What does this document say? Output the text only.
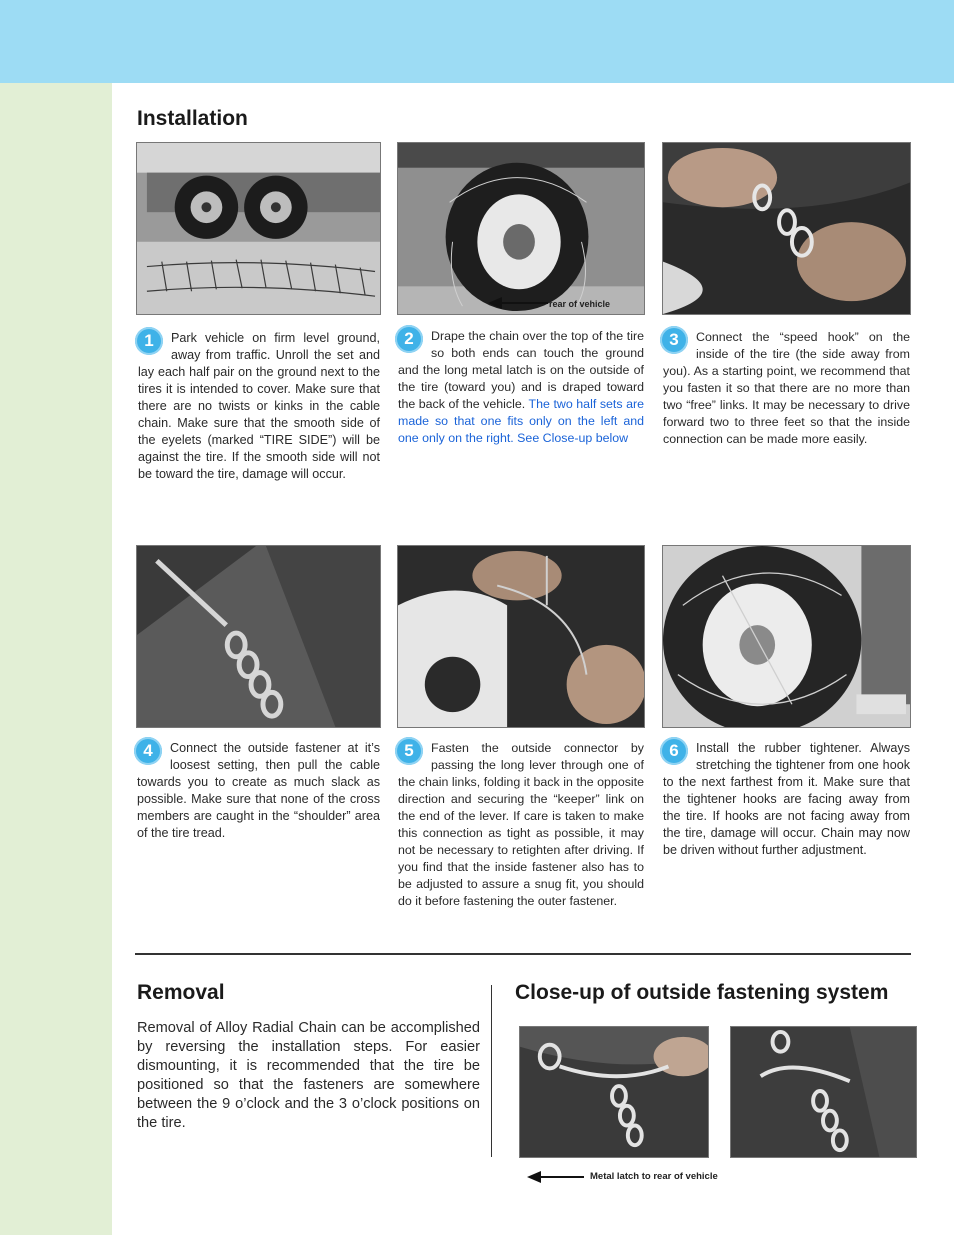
Installation
rear of vehicle

1	Park vehicle on firm level ground, away from traffic. Unroll the set and lay each half pair on the ground next to the tires it is intended to cover. Make sure that there are no twists or kinks in the cable chain. Make sure that the smooth side of the eyelets (marked “TIRE SIDE”) will be against the tire. If the smooth side will not be toward the tire, damage will occur.

2	Drape the chain over the top of the tire so both ends can touch the ground and the long metal latch is on the outside of the tire (toward you) and is draped toward the back of the vehicle. The two half sets are made so that one fits only on the left and one only on the right. See Close-up below

3	Connect the “speed hook” on the inside of the tire (the side away from you). As a starting point, we recommend that you fasten it so that there are no more than two “free” links. It may be necessary to drive forward two to three feet so that the inside connection can be made more easily.

4	Connect the outside fastener at it’s loosest setting, then pull the cable towards you to create as much slack as possible. Make sure that none of the cross members are caught in the “shoulder” area of the tire tread.

5	Fasten the outside connector by passing the long lever through one of the chain links, folding it back in the opposite direction and securing the “keeper” link on the end of the lever. If care is taken to make this connection as tight as possible, it may not be necessary to retighten after driving. If you find that the inside fastener also has to be adjusted to assure a snug fit, you should do it before fastening the outer fastener.

6	Install the rubber tightener. Always stretching the tightener from one hook to the next farthest from it. Make sure that the tightener hooks are facing away from the tire. If hooks are not facing away from the tire, damage will occur. Chain may now be driven without further adjustment.

Removal

Removal of Alloy Radial Chain can be accomplished by reversing the installation steps. For easier dismounting, it is recommended that the tire be positioned so that the fasteners are somewhere between the 9 o’clock and the 3 o’clock positions on the tire.

Close-up of outside fastening system
Metal latch to rear of vehicle
